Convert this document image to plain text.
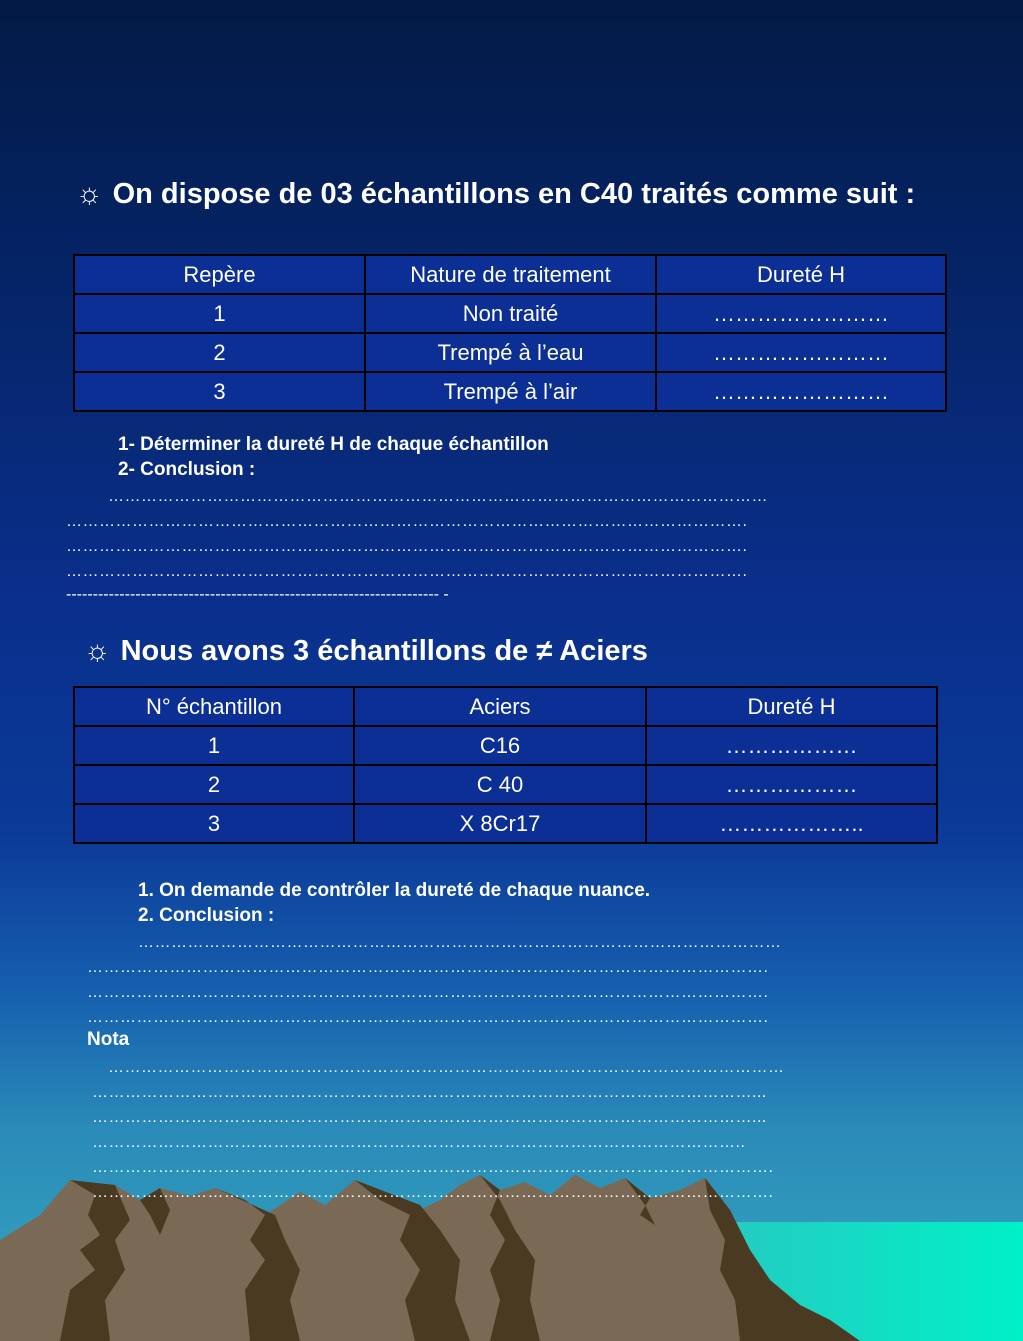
☼ On dispose de 03 échantillons en C40 traités comme suit :
Repère	Nature de traitement	Dureté H
1	Non traité	……………………
2	Trempé à l’eau	……………………
3	Trempé à l’air	……………………
1- Déterminer la dureté H de chaque échantillon
2- Conclusion :
…………………………………………………………………………………………………………
…………………………………………………………………………………………………………….
…………………………………………………………………………………………………………….
…………………………………………………………………………………………………………….
---------------------------------------------------------------------- -
☼ Nous avons 3 échantillons de ≠ Aciers
N° échantillon	Aciers	Dureté H
1	C16	………………
2	C 40	………………
3	X 8Cr17	………………..
1. On demande de contrôler la dureté de chaque nuance.
2. Conclusion :
………………………………………………………………………………………………………
…………………………………………………………………………………………………………….
…………………………………………………………………………………………………………….
…………………………………………………………………………………………………………….
Nota
……………………………………………………………………………………………………………
…………………………………………………………………………………………………………...
…………………………………………………………………………………………………………...
………………………………………………………………………………………………………..
…………………………………………………………………………………………………………….
…………………………………………………………………………………………………………….
